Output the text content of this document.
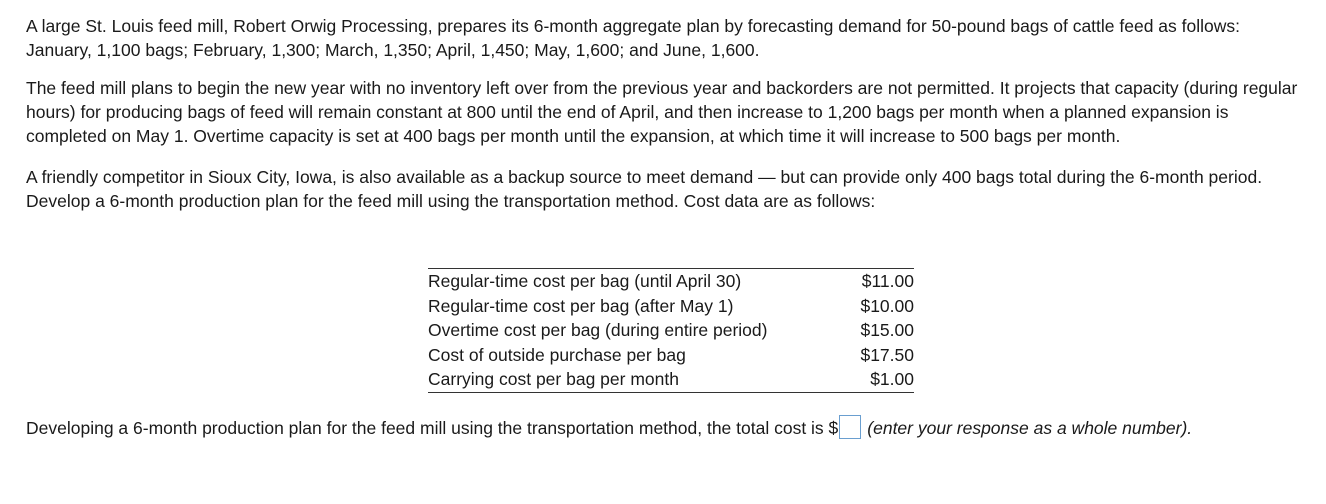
A large St. Louis feed mill, Robert Orwig Processing, prepares its 6-month aggregate plan by forecasting demand for 50-pound bags of cattle feed as follows: January, 1,100 bags; February, 1,300; March, 1,350; April, 1,450; May, 1,600; and June, 1,600.

The feed mill plans to begin the new year with no inventory left over from the previous year and backorders are not permitted. It projects that capacity (during regular hours) for producing bags of feed will remain constant at 800 until the end of April, and then increase to 1,200 bags per month when a planned expansion is completed on May 1. Overtime capacity is set at 400 bags per month until the expansion, at which time it will increase to 500 bags per month.

A friendly competitor in Sioux City, Iowa, is also available as a backup source to meet demand — but can provide only 400 bags total during the 6-month period. Develop a 6-month production plan for the feed mill using the transportation method. Cost data are as follows:

Regular-time cost per bag (until April 30)	$11.00
Regular-time cost per bag (after May 1)	$10.00
Overtime cost per bag (during entire period)	$15.00
Cost of outside purchase per bag	$17.50
Carrying cost per bag per month	$1.00
Developing a 6-month production plan for the feed mill using the transportation method, the total cost is $ (enter your response as a whole number).
